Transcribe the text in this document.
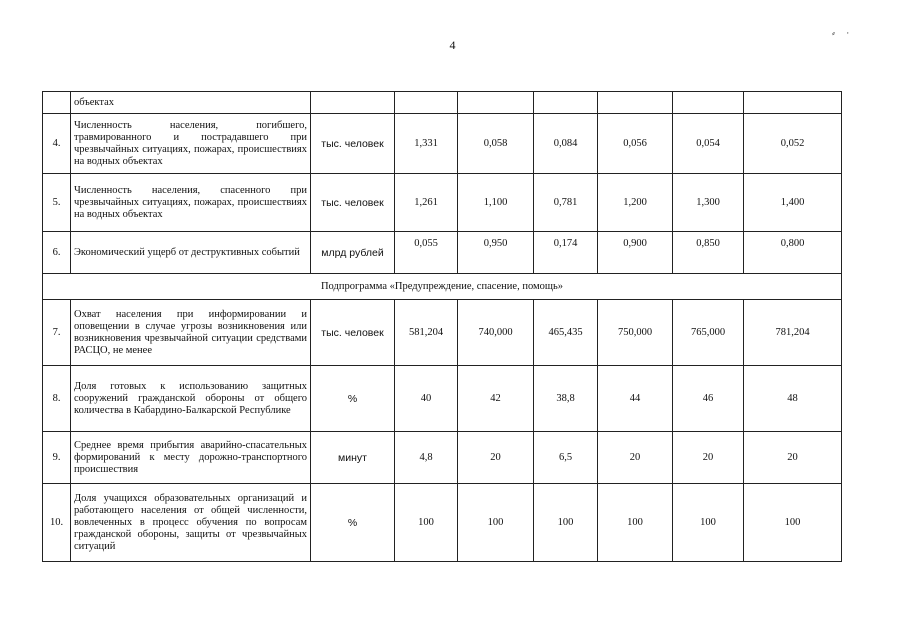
4
⸗     ·
	объектах							
4.	Численность населения, погибшего, травмированного и пострадавшего при чрезвычайных ситуациях, пожарах, происшествиях на водных объектах	тыс. человек	1,331	0,058	0,084	0,056	0,054	0,052
5.	Численность населения, спасенного при чрезвычайных ситуациях, пожарах, происшествиях на водных объектах	тыс. человек	1,261	1,100	0,781	1,200	1,300	1,400
6.	Экономический ущерб от деструктивных событий	млрд рублей	0,055	0,950	0,174	0,900	0,850	0,800
Подпрограмма «Предупреждение, спасение, помощь»								
7.	Охват населения при информировании и оповещении в случае угрозы возникновения или возникновения чрезвычайной ситуации средствами РАСЦО, не менее	тыс. человек	581,204	740,000	465,435	750,000	765,000	781,204
8.	Доля готовых к использованию защитных сооружений гражданской обороны от общего количества в Кабардино-Балкарской Республике	%	40	42	38,8	44	46	48
9.	Среднее время прибытия аварийно-спасательных формирований к месту дорожно-транспортного происшествия	минут	4,8	20	6,5	20	20	20
10.	Доля учащихся образовательных организаций и работающего населения от общей численности, вовлеченных в процесс обучения по вопросам гражданской обороны, защиты от чрезвычайных ситуаций	%	100	100	100	100	100	100
